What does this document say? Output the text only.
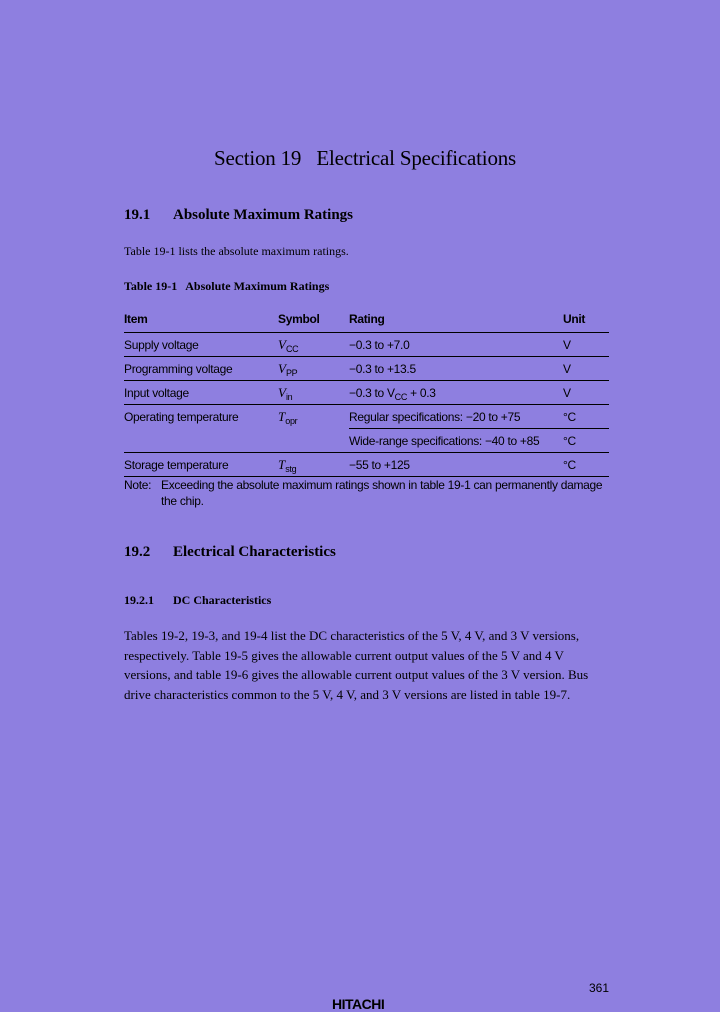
Section 19   Electrical Specifications
19.1 Absolute Maximum Ratings

Table 19-1 lists the absolute maximum ratings.

Table 19-1 Absolute Maximum Ratings
Item	Symbol	Rating	Unit
Supply voltage	$V_{CC}$	−0.3 to +7.0	V
Programming voltage	$V_{PP}$	−0.3 to +13.5	V
Input voltage	$V_{in}$	−0.3 to $V_{CC} + 0.3$	V
Operating temperature	$T_{opr}$	Regular specifications: −20 to +75	°C
		Wide-range specifications: −40 to +85	°C
Storage temperature	$T_{stg}$	−55 to +125	°C
Note: Exceeding the absolute maximum ratings shown in table 19-1 can permanently damage the chip.
19.2 Electrical Characteristics
19.2.1 DC Characteristics

Tables 19-2, 19-3, and 19-4 list the DC characteristics of the 5 V, 4 V, and 3 V versions, respectively. Table 19-5 gives the allowable current output values of the 5 V and 4 V versions, and table 19-6 gives the allowable current output values of the 3 V version. Bus drive characteristics common to the 5 V, 4 V, and 3 V versions are listed in table 19-7.

361
HITACHI
